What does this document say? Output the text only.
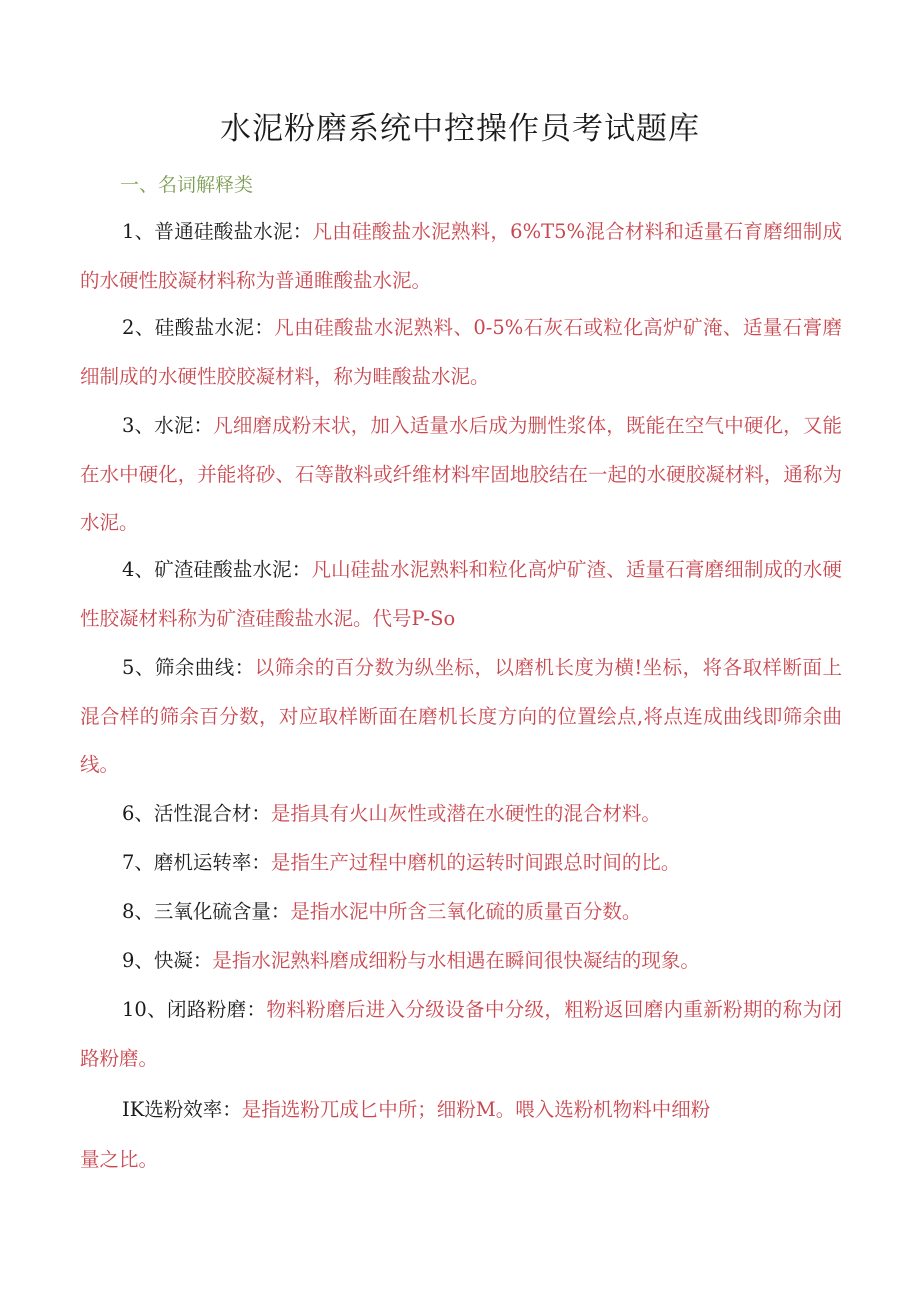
水泥粉磨系统中控操作员考试题库
一、名词解释类

1、普通硅酸盐水泥：凡由硅酸盐水泥熟料，6%T5%混合材料和适量石育磨细制成的水硬性胶凝材料称为普通睢酸盐水泥。

2、硅酸盐水泥：凡由硅酸盐水泥熟料、0-5%石灰石或粒化高炉矿淹、适量石膏磨细制成的水硬性胶胶凝材料，称为畦酸盐水泥。

3、水泥：凡细磨成粉末状，加入适量水后成为删性浆体，既能在空气中硬化，又能在水中硬化，并能将砂、石等散料或纤维材料牢固地胶结在一起的水硬胶凝材料，通称为水泥。

4、矿渣硅酸盐水泥：凡山硅盐水泥熟料和粒化高炉矿渣、适量石膏磨细制成的水硬性胶凝材料称为矿渣硅酸盐水泥。代号P-So

5、筛余曲线：以筛余的百分数为纵坐标，以磨机长度为横!坐标，将各取样断面上混合样的筛余百分数，对应取样断面在磨机长度方向的位置绘点,将点连成曲线即筛余曲线。

6、活性混合材：是指具有火山灰性或潜在水硬性的混合材料。

7、磨机运转率：是指生产过程中磨机的运转时间跟总时间的比。

8、三氧化硫含量：是指水泥中所含三氧化硫的质量百分数。

9、快凝：是指水泥熟料磨成细粉与水相遇在瞬间很快凝结的现象。

10、闭路粉磨：物料粉磨后进入分级设备中分级，粗粉返回磨内重新粉期的称为闭路粉磨。

IK选粉效率：是指选粉兀成匕中所；细粉M。喂入选粉机物料中细粉
量之比。
